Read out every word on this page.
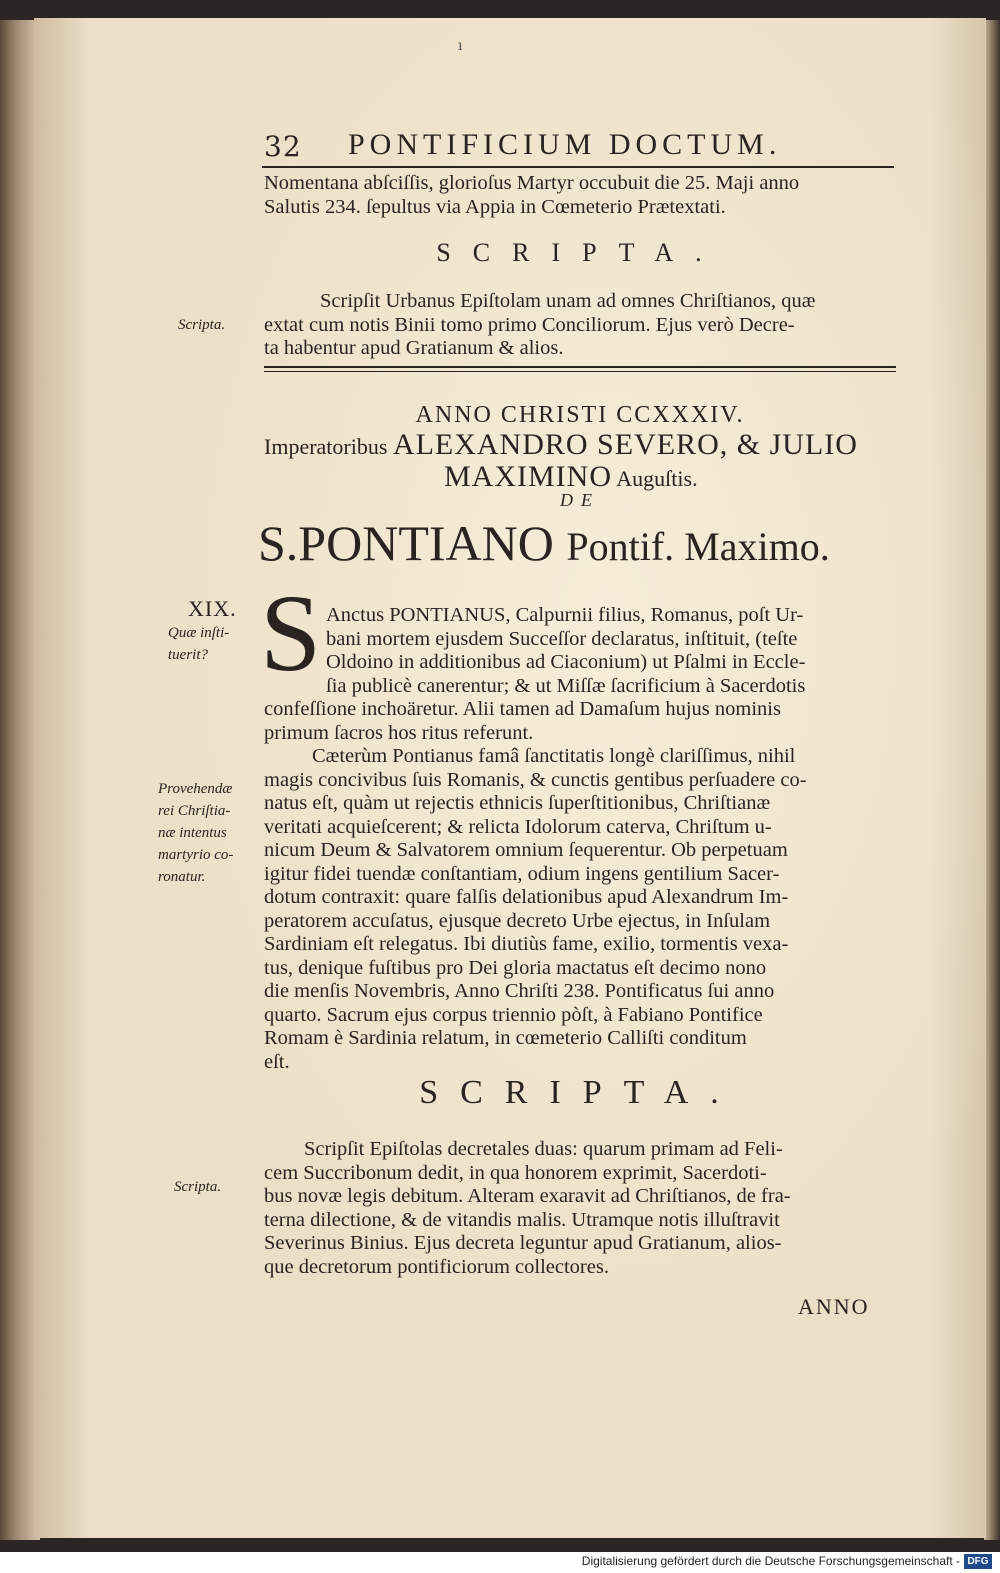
ı
32 PONTIFICIUM DOCTUM.
Nomentana abſciſſis, glorioſus Martyr occubuit die 25. Maji anno
Salutis 234. ſepultus via Appia in Cœmeterio Prætextati.
SCRIPTA.
Scripta.
Scripſit Urbanus Epiſtolam unam ad omnes Chriſtianos, quæ
extat cum notis Binii tomo primo Conciliorum. Ejus verò Decre-
ta habentur apud Gratianum & alios.
ANNO CHRISTI CCXXXIV.
Imperatoribus ALEXANDRO SEVERO, & JULIO
MAXIMINO Auguſtis.
DE
S.PONTIANO Pontif. Maximo.
XIX.
Quæ inſti-
tuerit? S Anctus PONTIANUS, Calpurnii filius, Romanus, poſt Ur-
bani mortem ejusdem Succeſſor declaratus, inſtituit, (teſte
Oldoino in additionibus ad Ciaconium) ut Pſalmi in Eccle-
ſia publicè canerentur; & ut Miſſæ ſacrificium à Sacerdotis
Provehendæ
rei Chriſtia-
næ intentus
martyrio co-
ronatur.
confeſſione inchoäretur. Alii tamen ad Damaſum hujus nominis
primum ſacros hos ritus referunt.
Cæterùm Pontianus famâ ſanctitatis longè clariſſimus, nihil
magis concivibus ſuis Romanis, & cunctis gentibus perſuadere co-
natus eſt, quàm ut rejectis ethnicis ſuperſtitionibus, Chriſtianæ
veritati acquieſcerent; & relicta Idolorum caterva, Chriſtum u-
nicum Deum & Salvatorem omnium ſequerentur. Ob perpetuam
igitur fidei tuendæ conſtantiam, odium ingens gentilium Sacer-
dotum contraxit: quare falſis delationibus apud Alexandrum Im-
peratorem accuſatus, ejusque decreto Urbe ejectus, in Inſulam
Sardiniam eſt relegatus. Ibi diutiùs fame, exilio, tormentis vexa-
tus, denique fuſtibus pro Dei gloria mactatus eſt decimo nono
die menſis Novembris, Anno Chriſti 238. Pontificatus ſui anno
quarto. Sacrum ejus corpus triennio pòſt, à Fabiano Pontifice
Romam è Sardinia relatum, in cœmeterio Calliſti conditum
eſt.
SCRIPTA.
Scripta.
Scripſit Epiſtolas decretales duas: quarum primam ad Feli-
cem Succribonum dedit, in qua honorem exprimit, Sacerdoti-
bus novæ legis debitum. Alteram exaravit ad Chriſtianos, de fra-
terna dilectione, & de vitandis malis. Utramque notis illuſtravit
Severinus Binius. Ejus decreta leguntur apud Gratianum, alios-
que decretorum pontificiorum collectores.
ANNO
Digitalisierung gefördert durch die Deutsche Forschungsgemeinschaft - DFG
